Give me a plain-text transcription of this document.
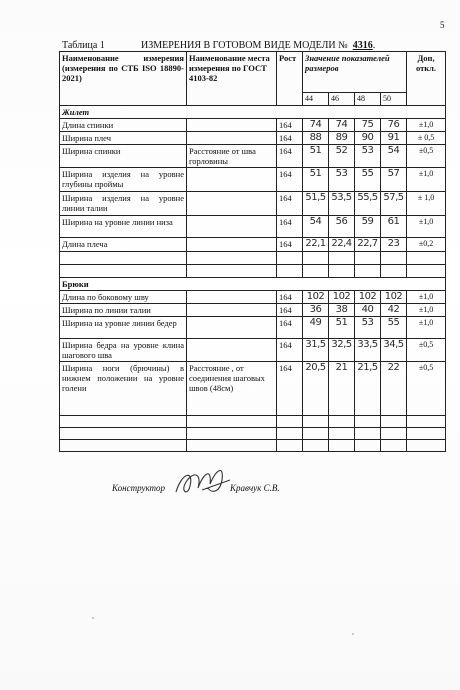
5
Таблица 1	ИЗМЕРЕНИЯ В ГОТОВОМ ВИДЕ МОДЕЛИ № 4316.
Наименование измерения (измерения по СТБ ISO 18890-2021)	Наименование места измерения по ГОСТ 4103-82	Рост	Значение показателей размеров				Доп, откл.
			44	46	48	50	
Жилет							
Длина спинки		164	74	74	75	76	±1,0
Ширина плеч		164	88	89	90	91	± 0,5
Ширина спинки	Расстояние от шва горловины	164	51	52	53	54	±0,5
Ширина изделия на уровне глубины проймы		164	51	53	55	57	±1,0
Ширина изделия на уровне линии талии		164	51,5	53,5	55,5	57,5	± 1,0
Ширина на уровне линии низа		164	54	56	59	61	±1,0
Длина плеча		164	22,1	22,4	22,7	23	±0,2

Брюки							
Длина по боковому шву		164	102	102	102	102	±1,0
Ширина по линии талии		164	36	38	40	42	±1,0
Ширина на уровне линии бедер		164	49	51	53	55	±1,0
Ширина бедра на уровне клина шагового шва		164	31,5	32,5	33,5	34,5	±0,5
Ширина ноги (брючины) в нижнем положении на уровне голени	Расстояние , от соединения шаговых швов (48см)	164	20,5	21	21,5	22	±0,5

Конструктор	Кравчук С.В.
